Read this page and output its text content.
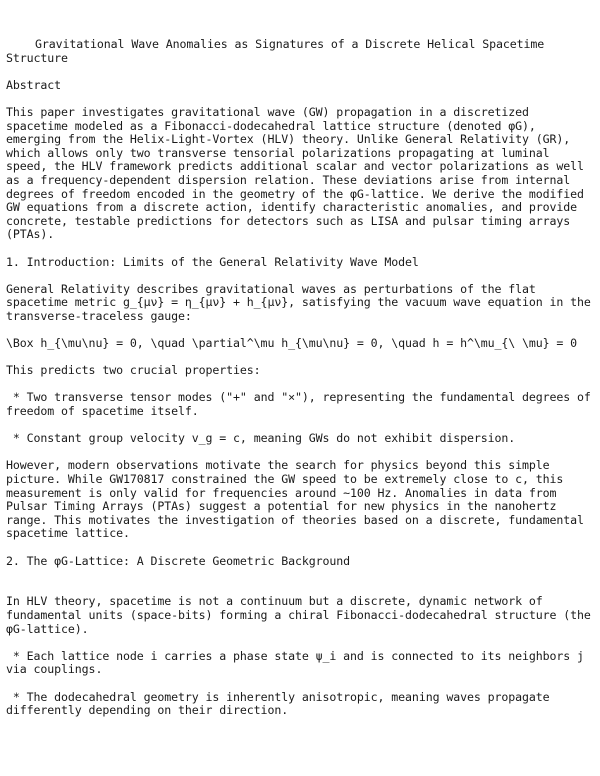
Gravitational Wave Anomalies as Signatures of a Discrete Helical Spacetime Structure

Abstract

This paper investigates gravitational wave (GW) propagation in a discretized spacetime modeled as a Fibonacci-dodecahedral lattice structure (denoted φG), emerging from the Helix-Light-Vortex (HLV) theory. Unlike General Relativity (GR), which allows only two transverse tensorial polarizations propagating at luminal speed, the HLV framework predicts additional scalar and vector polarizations as well as a frequency-dependent dispersion relation. These deviations arise from internal degrees of freedom encoded in the geometry of the φG-lattice. We derive the modified GW equations from a discrete action, identify characteristic anomalies, and provide concrete, testable predictions for detectors such as LISA and pulsar timing arrays (PTAs).

1. Introduction: Limits of the General Relativity Wave Model

General Relativity describes gravitational waves as perturbations of the flat spacetime metric g_{μν} = η_{μν} + h_{μν}, satisfying the vacuum wave equation in the transverse-traceless gauge:

\Box h_{\mu\nu} = 0, \quad \partial^\mu h_{\mu\nu} = 0, \quad h = h^\mu_{\ \mu} = 0

This predicts two crucial properties:

* Two transverse tensor modes ("+" and "×"), representing the fundamental degrees of freedom of spacetime itself.

* Constant group velocity v_g = c, meaning GWs do not exhibit dispersion.

However, modern observations motivate the search for physics beyond this simple picture. While GW170817 constrained the GW speed to be extremely close to c, this measurement is only valid for frequencies around ~100 Hz. Anomalies in data from Pulsar Timing Arrays (PTAs) suggest a potential for new physics in the nanohertz range. This motivates the investigation of theories based on a discrete, fundamental spacetime lattice.

2. The φG-Lattice: A Discrete Geometric Background

In HLV theory, spacetime is not a continuum but a discrete, dynamic network of fundamental units (space-bits) forming a chiral Fibonacci-dodecahedral structure (the φG-lattice).

* Each lattice node i carries a phase state ψ_i and is connected to its neighbors j via couplings.

* The dodecahedral geometry is inherently anisotropic, meaning waves propagate differently depending on their direction.
